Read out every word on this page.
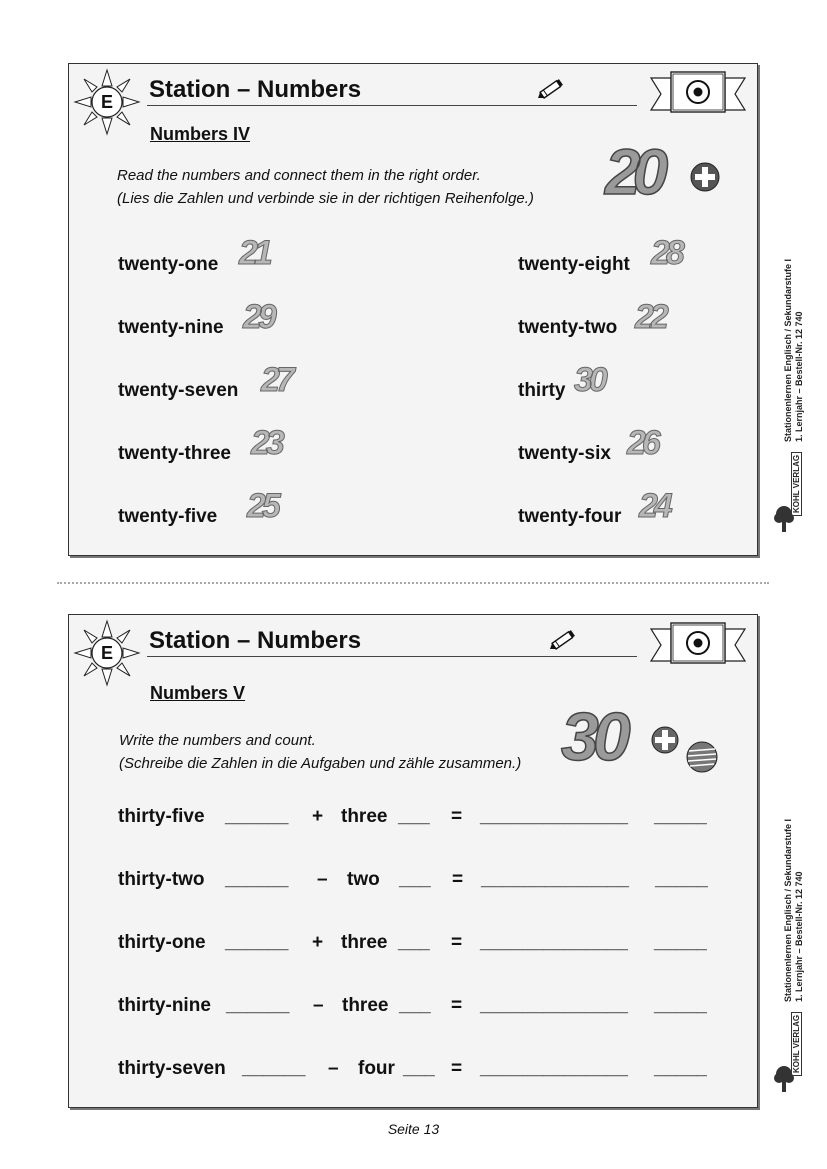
E	Station – Numbers
Numbers IV
Read the numbers and connect them in the right order.
(Lies die Zahlen und verbinde sie in der richtigen Reihenfolge.) 20
twenty-one 21
twenty-nine 29
twenty-seven 27
twenty-three 23
twenty-five 25
twenty-eight 28
twenty-two 22
thirty 30
twenty-six 26
twenty-four 24
E	Station – Numbers
Numbers V
Write the numbers and count.
(Schreibe die Zahlen in die Aufgaben und zähle zusammen.) 30
thirty-five ______ + three ___ = ______________ _____
thirty-two ______ – two ___ = ______________ _____
thirty-one ______ + three ___ = ______________ _____
thirty-nine ______ – three ___ = ______________ _____
thirty-seven ______ – four ___ = ______________ _____
Stationenlernen Englisch / Sekundarstufe I 1. Lernjahr – Bestell-Nr. 12 740
KOHL VERLAG
Stationenlernen Englisch / Sekundarstufe I 1. Lernjahr – Bestell-Nr. 12 740
KOHL VERLAG
Seite 13
